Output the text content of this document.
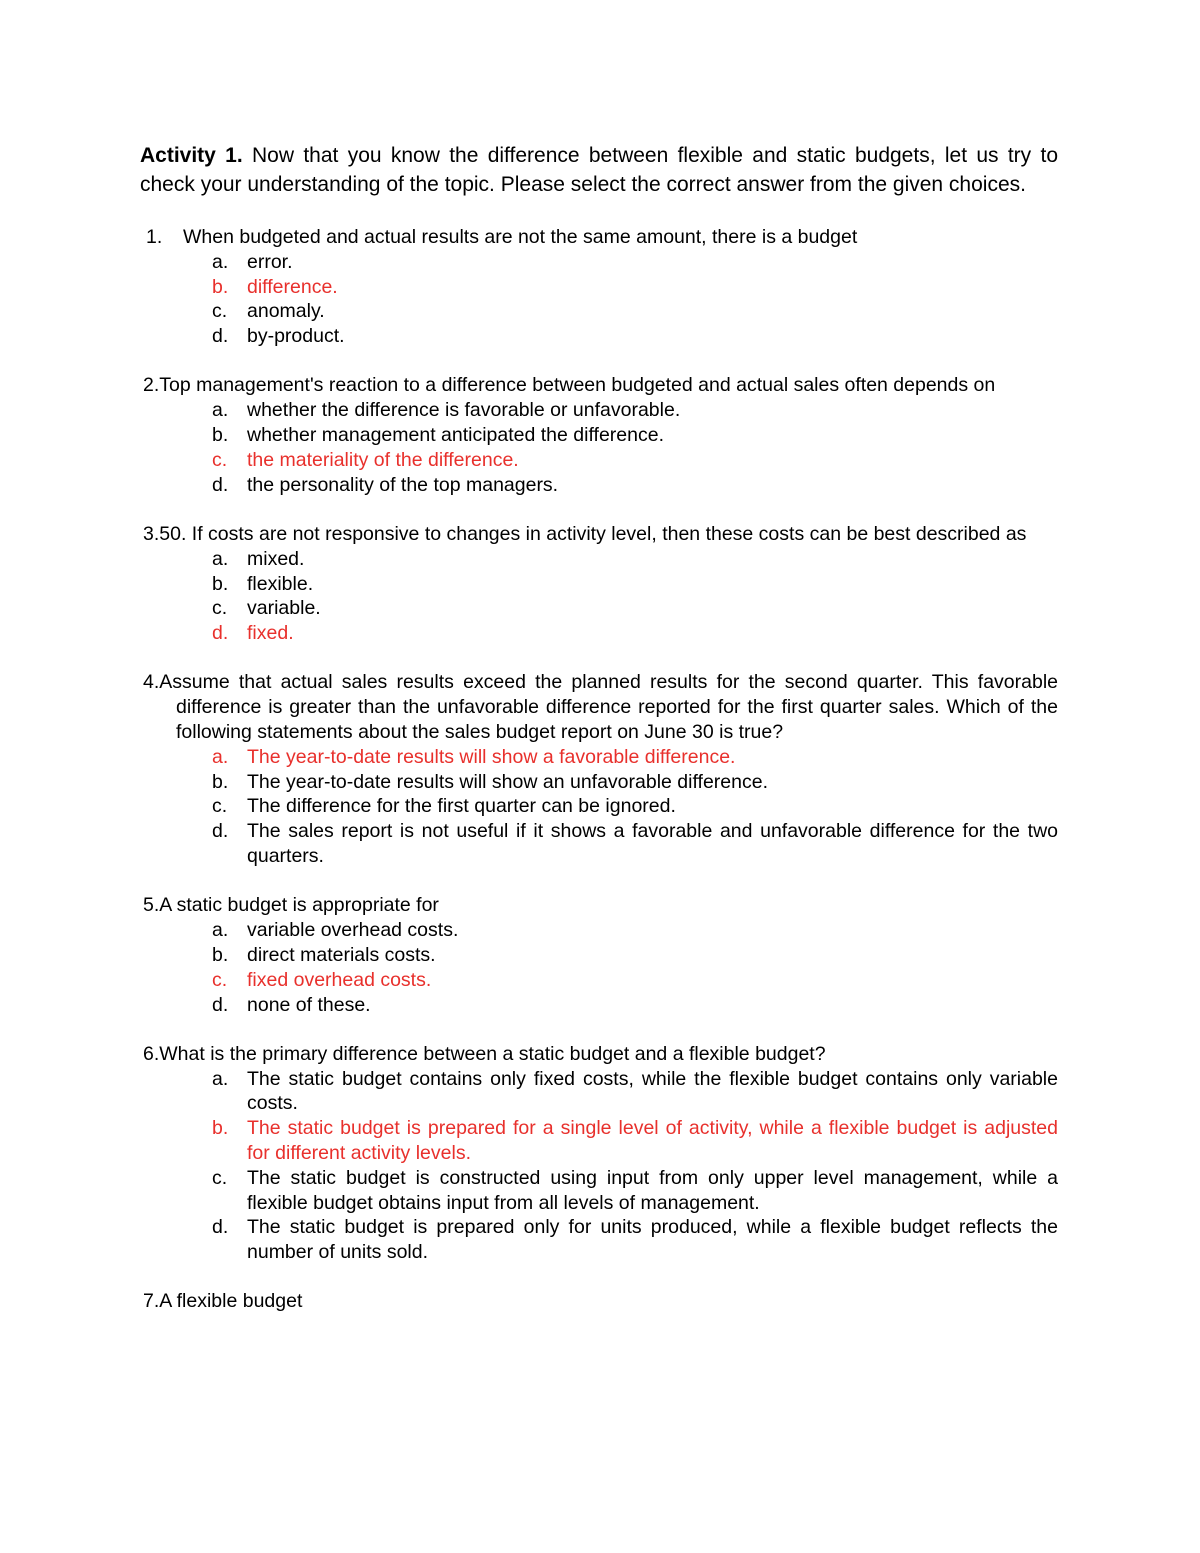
Activity 1. Now that you know the difference between flexible and static budgets, let us try to check your understanding of the topic. Please select the correct answer from the given choices.

1. When budgeted and actual results are not the same amount, there is a budget
a. error.
b. difference.
c. anomaly.
d. by-product.
2.Top management's reaction to a difference between budgeted and actual sales often depends on
a. whether the difference is favorable or unfavorable.
b. whether management anticipated the difference.
c. the materiality of the difference.
d. the personality of the top managers.
3.50. If costs are not responsive to changes in activity level, then these costs can be best described as
a. mixed.
b. flexible.
c. variable.
d. fixed.
4.Assume that actual sales results exceed the planned results for the second quarter. This favorable difference is greater than the unfavorable difference reported for the first quarter sales. Which of the following statements about the sales budget report on June 30 is true?
a. The year-to-date results will show a favorable difference.
b. The year-to-date results will show an unfavorable difference.
c. The difference for the first quarter can be ignored.
d. The sales report is not useful if it shows a favorable and unfavorable difference for the two quarters.
5.A static budget is appropriate for
a. variable overhead costs.
b. direct materials costs.
c. fixed overhead costs.
d. none of these.
6.What is the primary difference between a static budget and a flexible budget?
a. The static budget contains only fixed costs, while the flexible budget contains only variable costs.
b. The static budget is prepared for a single level of activity, while a flexible budget is adjusted for different activity levels.
c. The static budget is constructed using input from only upper level management, while a flexible budget obtains input from all levels of management.
d. The static budget is prepared only for units produced, while a flexible budget reflects the number of units sold.
7.A flexible budget
